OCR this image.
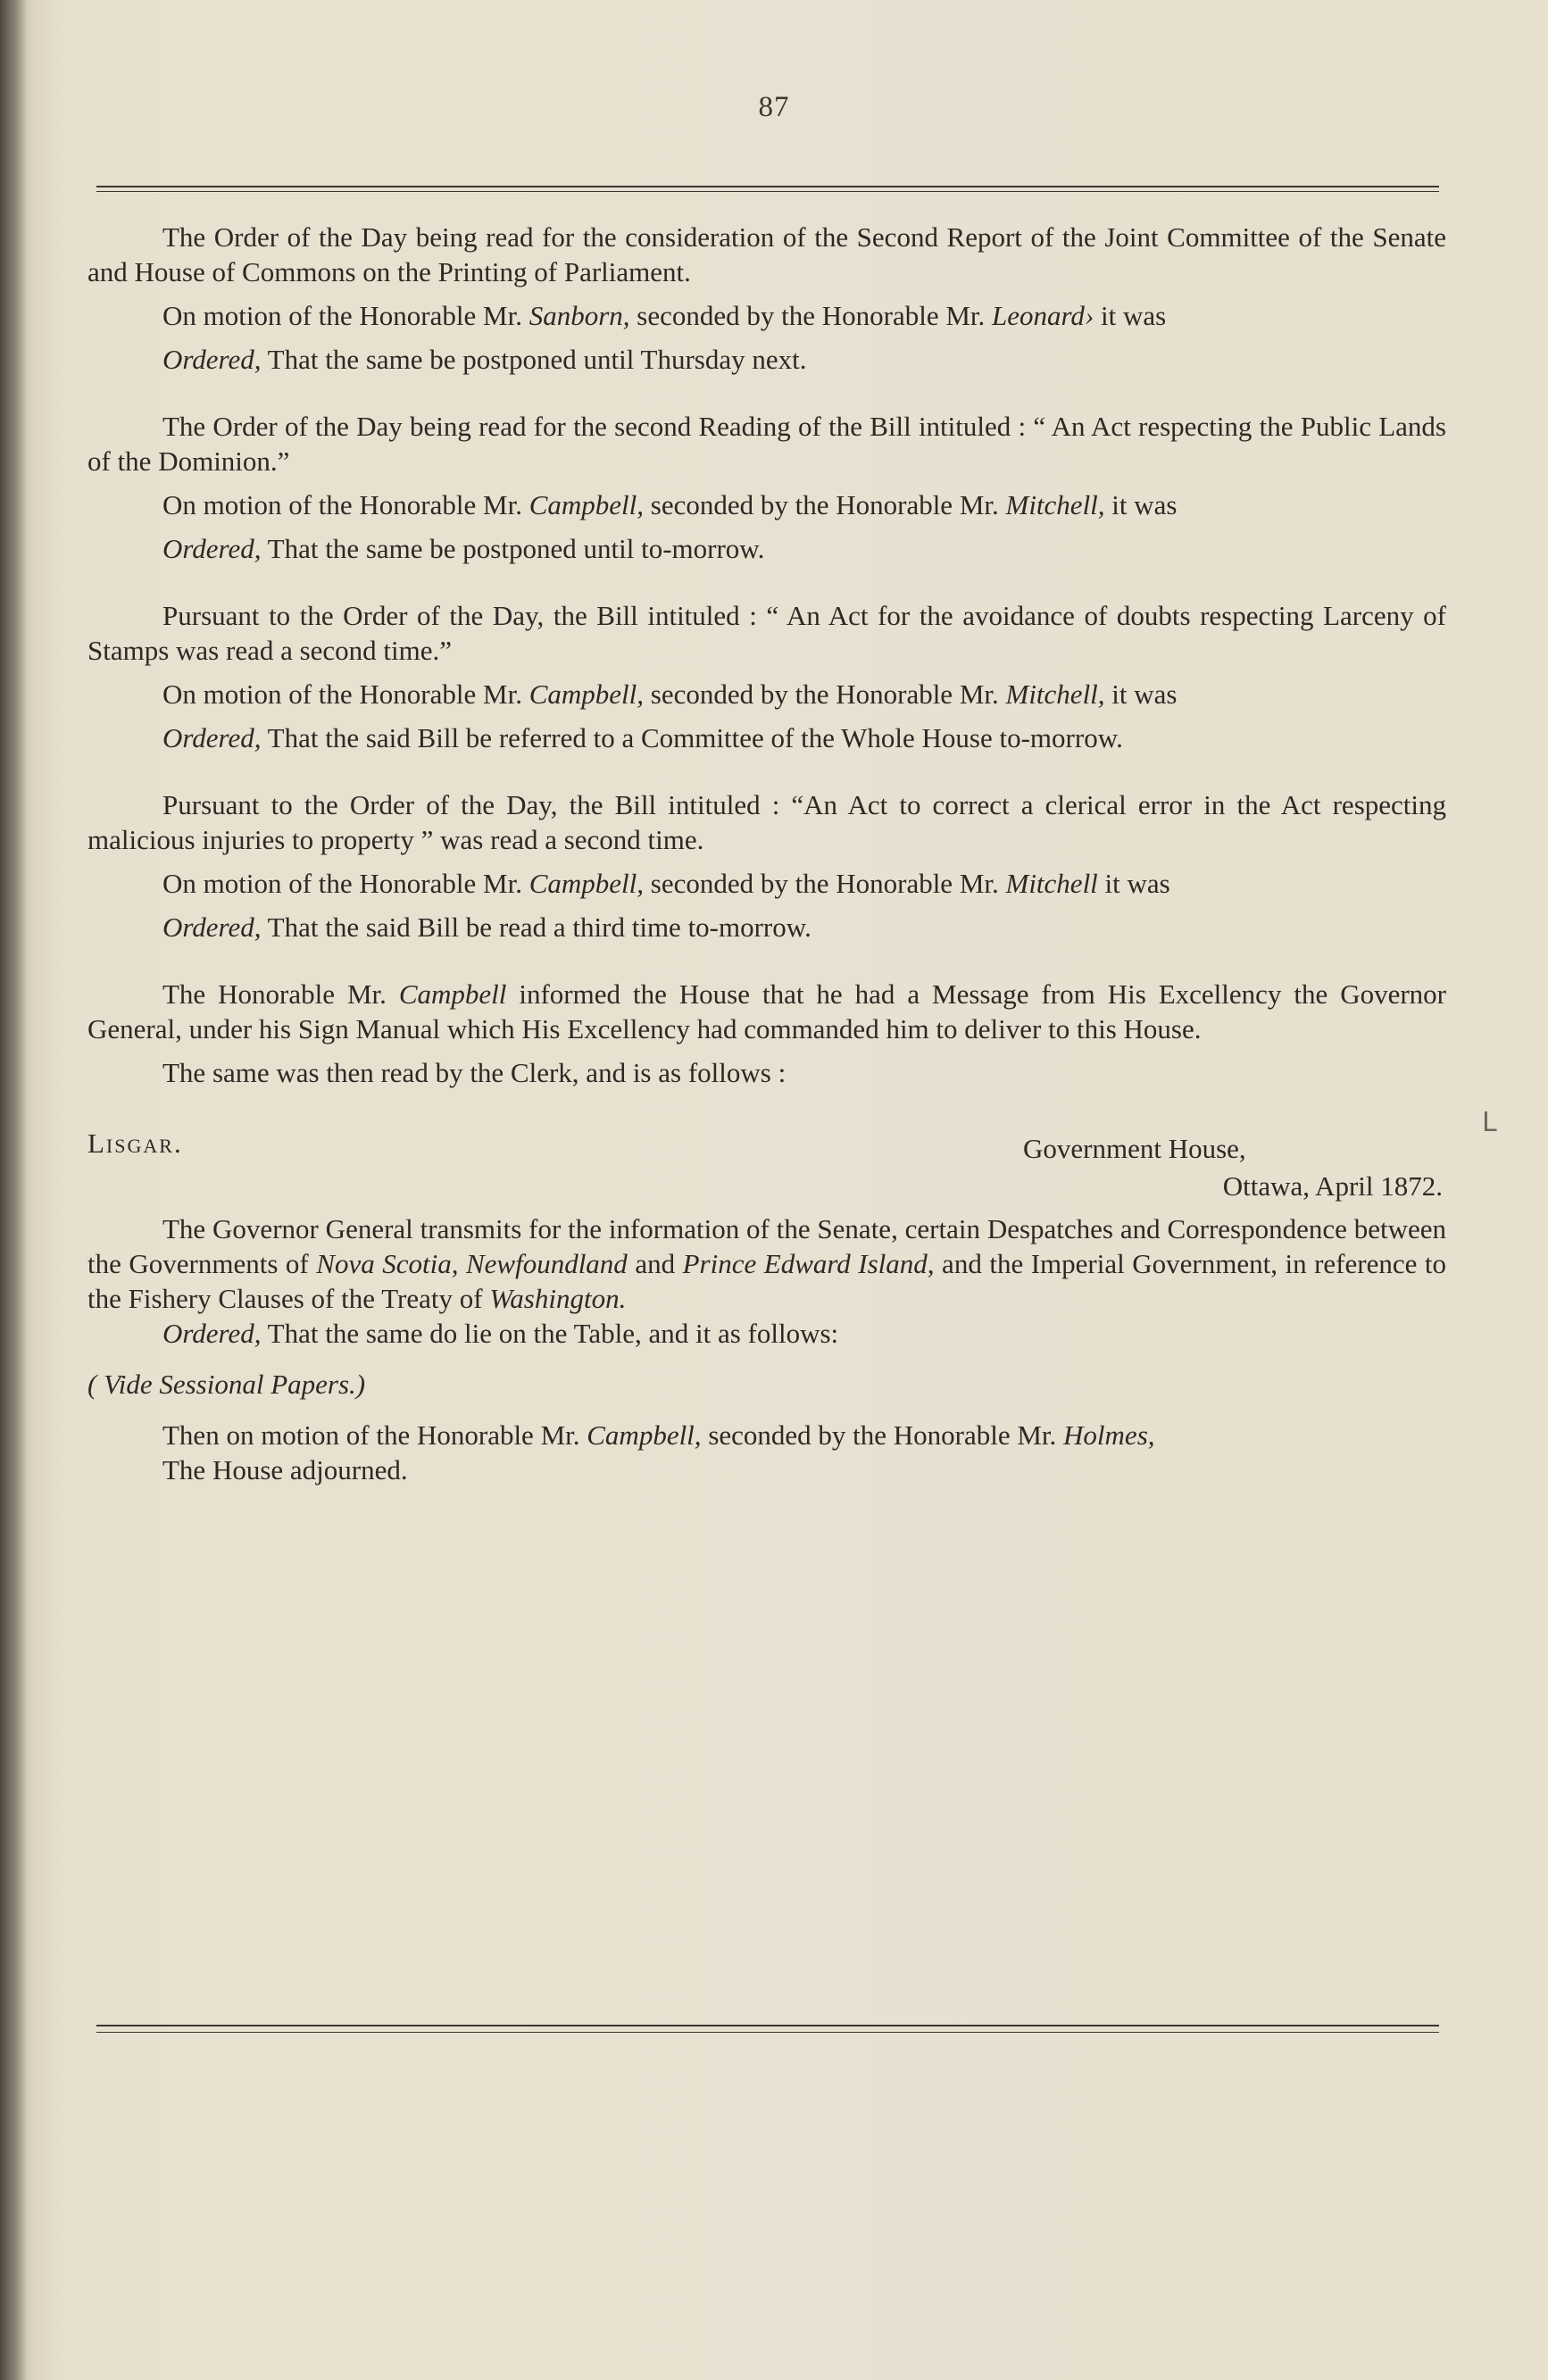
87

The Order of the Day being read for the consideration of the Second Report of the Joint Committee of the Senate and House of Commons on the Printing of Parliament.

On motion of the Honorable Mr. Sanborn, seconded by the Honorable Mr. Leonard› it was

Ordered, That the same be postponed until Thursday next.

The Order of the Day being read for the second Reading of the Bill intituled : “ An Act respecting the Public Lands of the Dominion.”

On motion of the Honorable Mr. Campbell, seconded by the Honorable Mr. Mitchell, it was

Ordered, That the same be postponed until to-morrow.

Pursuant to the Order of the Day, the Bill intituled : “ An Act for the avoidance of doubts respecting Larceny of Stamps was read a second time.”

On motion of the Honorable Mr. Campbell, seconded by the Honorable Mr. Mitchell, it was

Ordered, That the said Bill be referred to a Committee of the Whole House to-morrow.

Pursuant to the Order of the Day, the Bill intituled : “An Act to correct a clerical error in the Act respecting malicious injuries to property ” was read a second time.

On motion of the Honorable Mr. Campbell, seconded by the Honorable Mr. Mitchell it was

Ordered, That the said Bill be read a third time to-morrow.

The Honorable Mr. Campbell informed the House that he had a Message from His Excellency the Governor General, under his Sign Manual which His Excellency had commanded him to deliver to this House.

The same was then read by the Clerk, and is as follows :

Lisgar.	Government House,
Ottawa, April 1872.

The Governor General transmits for the information of the Senate, certain Despatches and Correspondence between the Governments of Nova Scotia, Newfoundland and Prince Edward Island, and the Imperial Government, in reference to the Fishery Clauses of the Treaty of Washington.

Ordered, That the same do lie on the Table, and it as follows:

( Vide Sessional Papers.)

Then on motion of the Honorable Mr. Campbell, seconded by the Honorable Mr. Holmes,

The House adjourned.

ᒪ
